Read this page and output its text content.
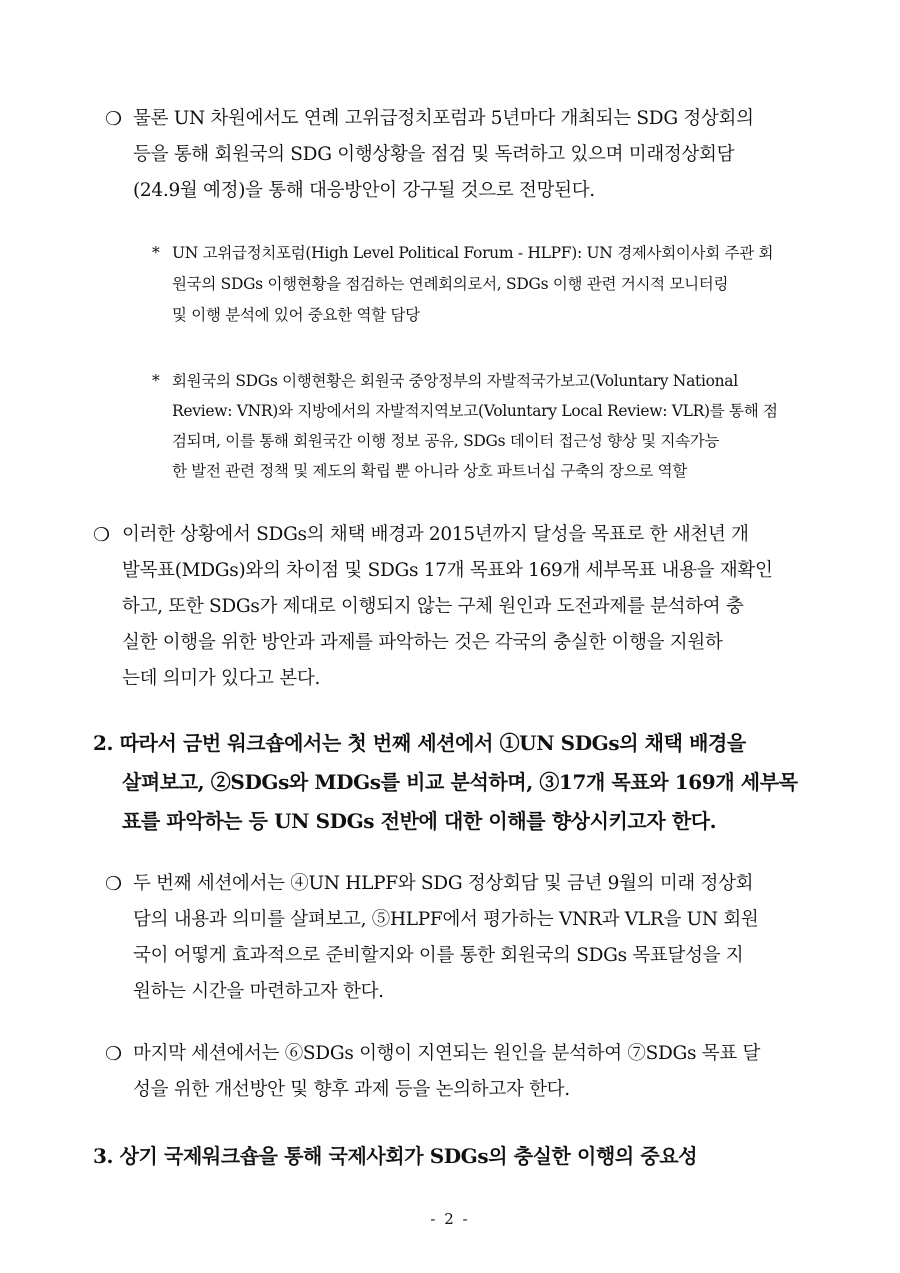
❍ 물론 UN 차원에서도 연례 고위급정치포럼과 5년마다 개최되는 SDG 정상회의
등을 통해 회원국의 SDG 이행상황을 점검 및 독려하고 있으며 미래정상회담
(24.9월 예정)을 통해 대응방안이 강구될 것으로 전망된다.
* UN 고위급정치포럼(High Level Political Forum - HLPF): UN 경제사회이사회 주관 회
원국의 SDGs 이행현황을 점검하는 연례회의로서, SDGs 이행 관련 거시적 모니터링
및 이행 분석에 있어 중요한 역할 담당
* 회원국의 SDGs 이행현황은 회원국 중앙정부의 자발적국가보고(Voluntary National
Review: VNR)와 지방에서의 자발적지역보고(Voluntary Local Review: VLR)를 통해 점
검되며, 이를 통해 회원국간 이행 정보 공유, SDGs 데이터 접근성 향상 및 지속가능
한 발전 관련 정책 및 제도의 확립 뿐 아니라 상호 파트너십 구축의 장으로 역할
❍ 이러한 상황에서 SDGs의 채택 배경과 2015년까지 달성을 목표로 한 새천년 개
발목표(MDGs)와의 차이점 및 SDGs 17개 목표와 169개 세부목표 내용을 재확인
하고, 또한 SDGs가 제대로 이행되지 않는 구체 원인과 도전과제를 분석하여 충
실한 이행을 위한 방안과 과제를 파악하는 것은 각국의 충실한 이행을 지원하
는데 의미가 있다고 본다.
2. 따라서 금번 워크숍에서는 첫 번째 세션에서 ①UN SDGs의 채택 배경을
살펴보고, ②SDGs와 MDGs를 비교 분석하며, ③17개 목표와 169개 세부목
표를 파악하는 등 UN SDGs 전반에 대한 이해를 향상시키고자 한다.
❍ 두 번째 세션에서는 ④UN HLPF와 SDG 정상회담 및 금년 9월의 미래 정상회
담의 내용과 의미를 살펴보고, ⑤HLPF에서 평가하는 VNR과 VLR을 UN 회원
국이 어떻게 효과적으로 준비할지와 이를 통한 회원국의 SDGs 목표달성을 지
원하는 시간을 마련하고자 한다.
❍ 마지막 세션에서는 ⑥SDGs 이행이 지연되는 원인을 분석하여 ⑦SDGs 목표 달
성을 위한 개선방안 및 향후 과제 등을 논의하고자 한다.
3. 상기 국제워크숍을 통해 국제사회가 SDGs의 충실한 이행의 중요성
- 2 -
